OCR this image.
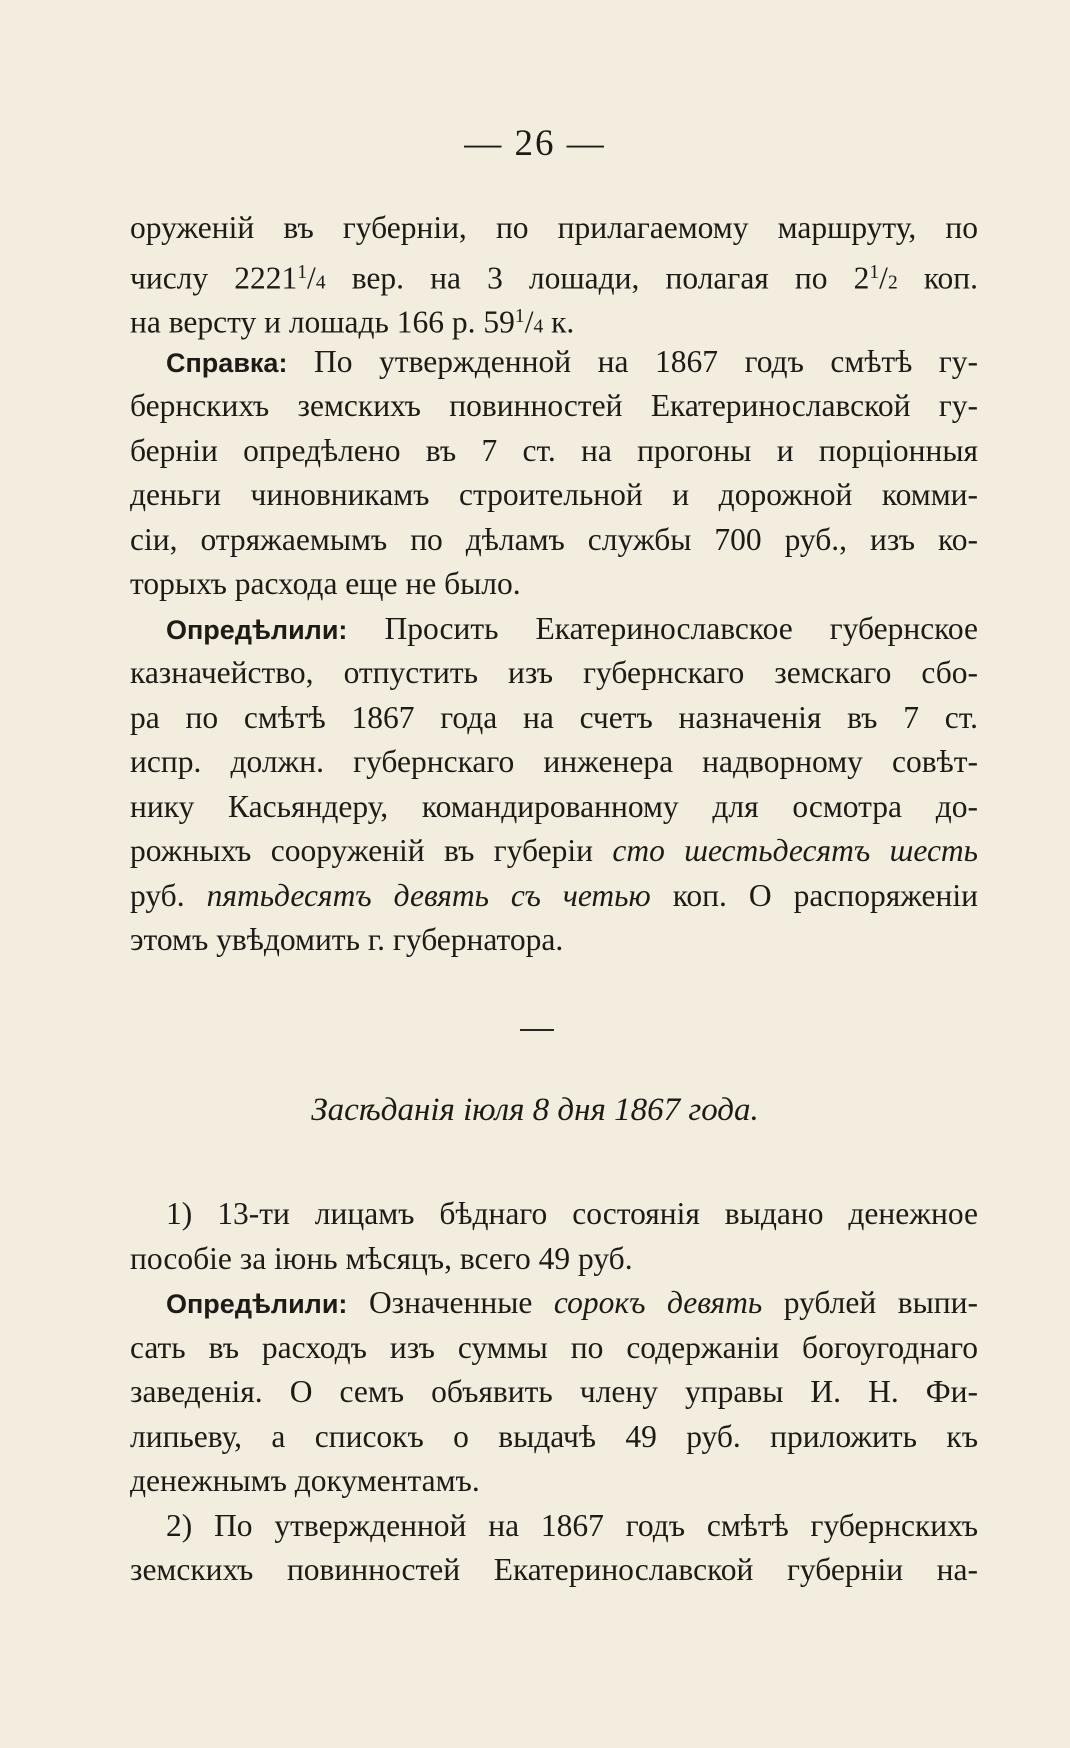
— 26 —
оруженій въ губерніи, по прилагаемому маршруту, по
числу 2221$^1$/4 вер. на 3 лошади, полагая по $2^1/2$ коп.
на версту и лошадь 166 р. $59^1/4$ к.
Справка: По утвержденной на 1867 годъ смѣтѣ гу-
бернскихъ земскихъ повинностей Екатеринославской гу-
берніи опредѣлено въ 7 ст. на прогоны и порціонныя
деньги чиновникамъ строительной и дорожной комми-
сіи, отряжаемымъ по дѣламъ службы 700 руб., изъ ко-
торыхъ расхода еще не было.
Опредѣлили: Просить Екатеринославское губернское
казначейство, отпустить изъ губернскаго земскаго сбо-
ра по смѣтѣ 1867 года на счетъ назначенія въ 7 ст.
испр. должн. губернскаго инженера надворному совѣт-
нику Касьяндеру, командированному для осмотра до-
рожныхъ сооруженій въ губеріи сто шестьдесятъ шесть
руб. пятьдесятъ девять съ четью коп. О распоряженіи
этомъ увѣдомить г. губернатора.
Засѣданія іюля 8 дня 1867 года.
1) 13-ти лицамъ бѣднаго состоянія выдано денежное
пособіе за іюнь мѣсяцъ, всего 49 руб.
Опредѣлили: Означенные сорокъ девять рублей выпи-
сать въ расходъ изъ суммы по содержаніи богоугоднаго
заведенія. О семъ объявить члену управы И. Н. Фи-
липьеву, а списокъ о выдачѣ 49 руб. приложить къ
денежнымъ документамъ.
2) По утвержденной на 1867 годъ смѣтѣ губернскихъ
земскихъ повинностей Екатеринославской губерніи на-
